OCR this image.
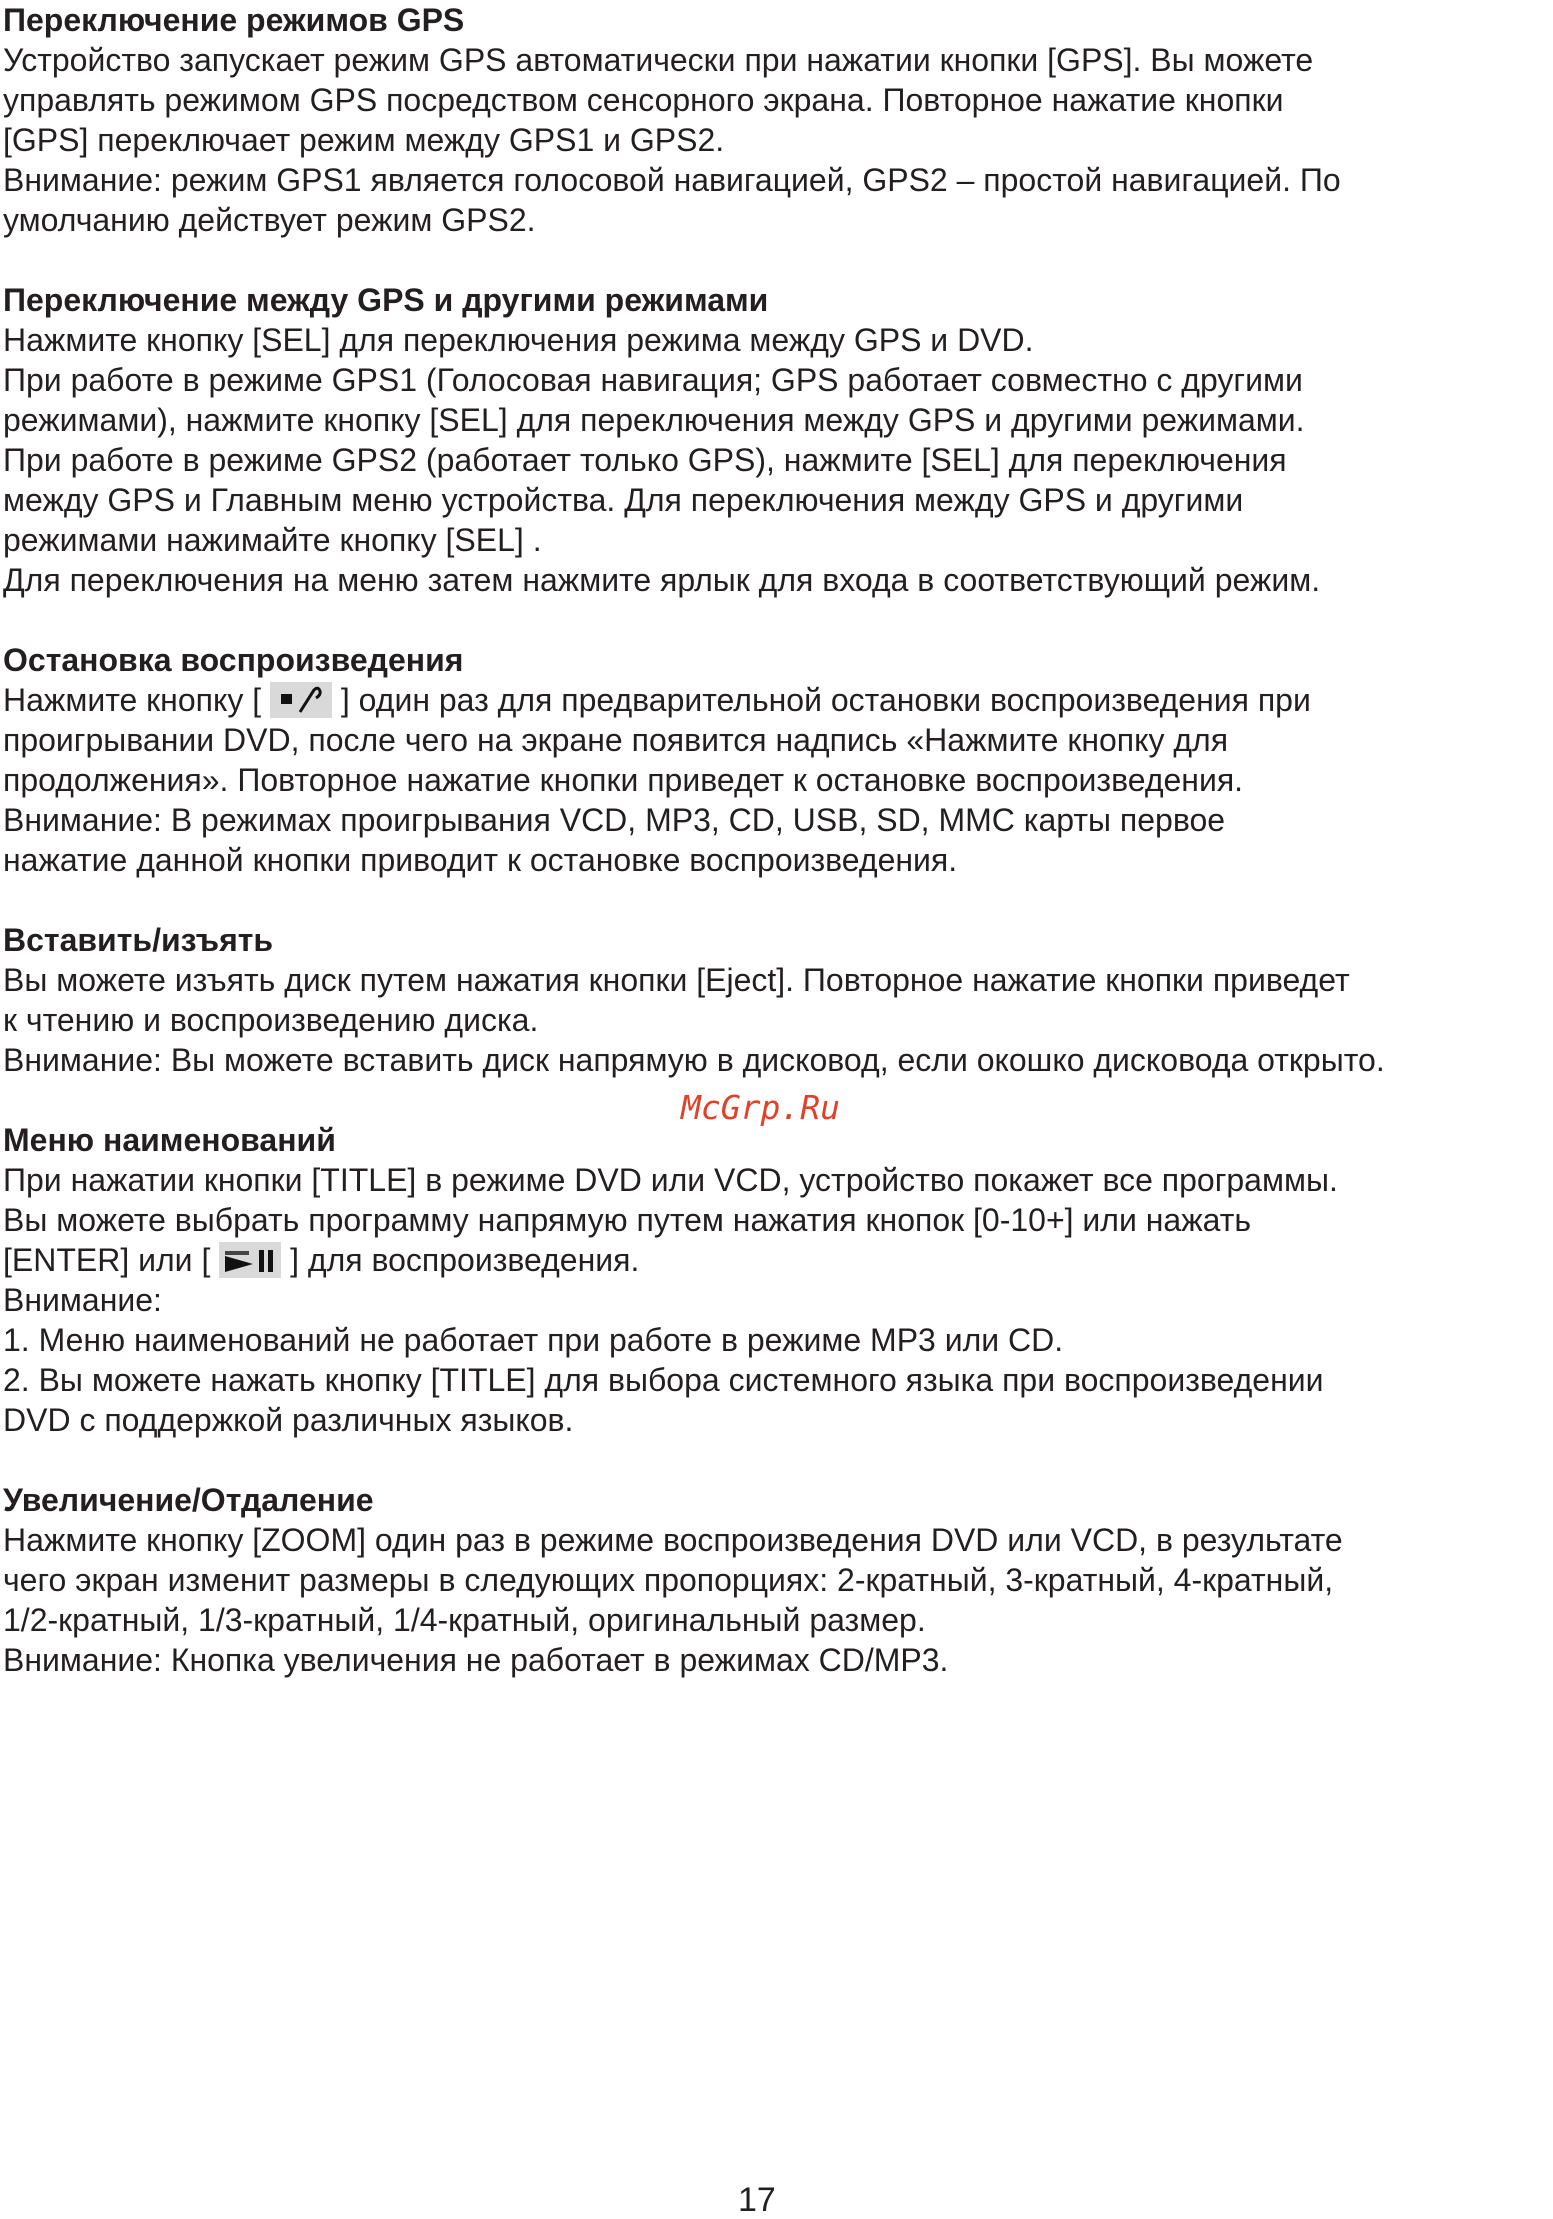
Переключение режимов GPS
Устройство запускает режим GPS автоматически при нажатии кнопки [GPS]. Вы можете
управлять режимом GPS посредством сенсорного экрана. Повторное нажатие кнопки
[GPS] переключает режим между GPS1 и GPS2.
Внимание: режим GPS1 является голосовой навигацией, GPS2 – простой навигацией. По
умолчанию действует режим GPS2.
Переключение между GPS и другими режимами
Нажмите кнопку [SEL] для переключения режима между GPS и DVD.
При работе в режиме GPS1 (Голосовая навигация; GPS работает совместно с другими
режимами), нажмите кнопку [SEL] для переключения между GPS и другими режимами.
При работе в режиме GPS2 (работает только GPS), нажмите [SEL] для переключения
между GPS и Главным меню устройства. Для переключения между GPS и другими
режимами нажимайте кнопку [SEL] .
Для переключения на меню затем нажмите ярлык для входа в соответствующий режим.
Остановка воспроизведения
Нажмите кнопку [
] один раз для предварительной остановки воспроизведения при
проигрывании DVD, после чего на экране появится надпись «Нажмите кнопку для
продолжения». Повторное нажатие кнопки приведет к остановке воспроизведения.
Внимание: В режимах проигрывания VCD, MP3, CD, USB, SD, MMC карты первое
нажатие данной кнопки приводит к остановке воспроизведения.
Вставить/изъять
Вы можете изъять диск путем нажатия кнопки [Eject]. Повторное нажатие кнопки приведет
к чтению и воспроизведению диска.
Внимание: Вы можете вставить диск напрямую в дисковод, если окошко дисковода открыто.
Меню наименований
При нажатии кнопки [TITLE] в режиме DVD или VCD, устройство покажет все программы.
Вы можете выбрать программу напрямую путем нажатия кнопок [0-10+] или нажать
[ENTER] или [
] для воспроизведения.
Внимание:
1. Меню наименований не работает при работе в режиме MP3 или CD.
2. Вы можете нажать кнопку [TITLE] для выбора системного языка при воспроизведении
DVD с поддержкой различных языков.
Увеличение/Отдаление
Нажмите кнопку [ZOOM] один раз в режиме воспроизведения DVD или VCD, в результате
чего экран изменит размеры в следующих пропорциях: 2-кратный, 3-кратный, 4-кратный,
1/2-кратный, 1/3-кратный, 1/4-кратный, оригинальный размер.
Внимание: Кнопка увеличения не работает в режимах CD/MP3.
McGrp.Ru
17
